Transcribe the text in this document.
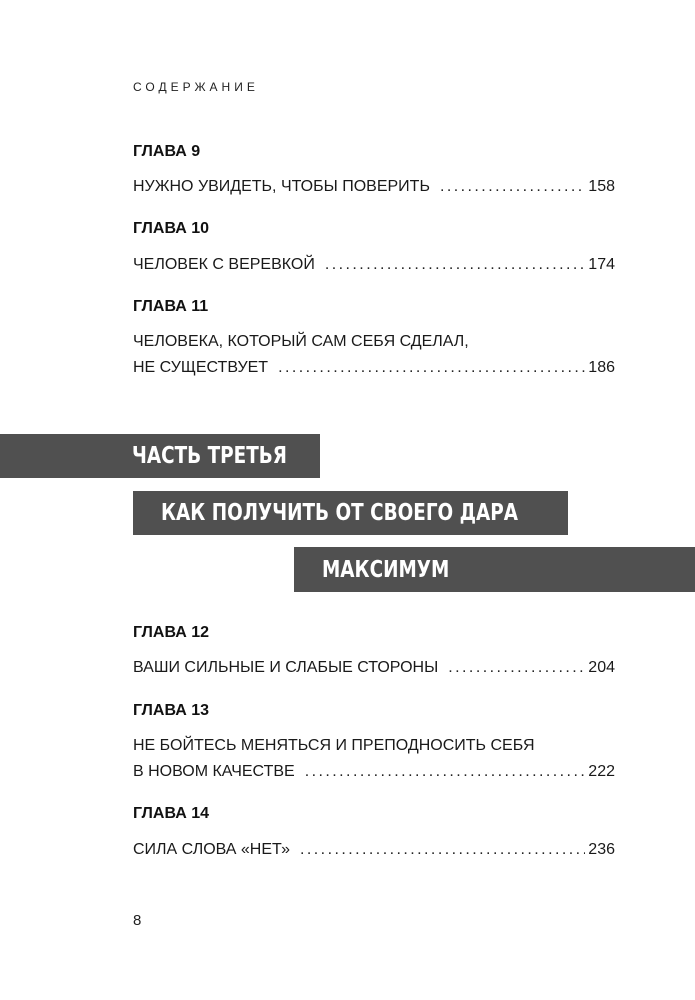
СОДЕРЖАНИЕ
ГЛАВА 9
НУЖНО УВИДЕТЬ, ЧТОБЫ ПОВЕРИТЬ . . .	158
ГЛАВА 10
ЧЕЛОВЕК С ВЕРЕВКОЙ . . .	174
ГЛАВА 11
ЧЕЛОВЕКА, КОТОРЫЙ САМ СЕБЯ СДЕЛАЛ,
НЕ СУЩЕСТВУЕТ . . .	186
ЧАСТЬ ТРЕТЬЯ
КАК ПОЛУЧИТЬ ОТ СВОЕГО ДАРА
МАКСИМУМ
ГЛАВА 12
ВАШИ СИЛЬНЫЕ И СЛАБЫЕ СТОРОНЫ . . .	204
ГЛАВА 13
НЕ БОЙТЕСЬ МЕНЯТЬСЯ И ПРЕПОДНОСИТЬ СЕБЯ
В НОВОМ КАЧЕСТВЕ . . .	222
ГЛАВА 14
СИЛА СЛОВА «НЕТ» . . .	236
8
